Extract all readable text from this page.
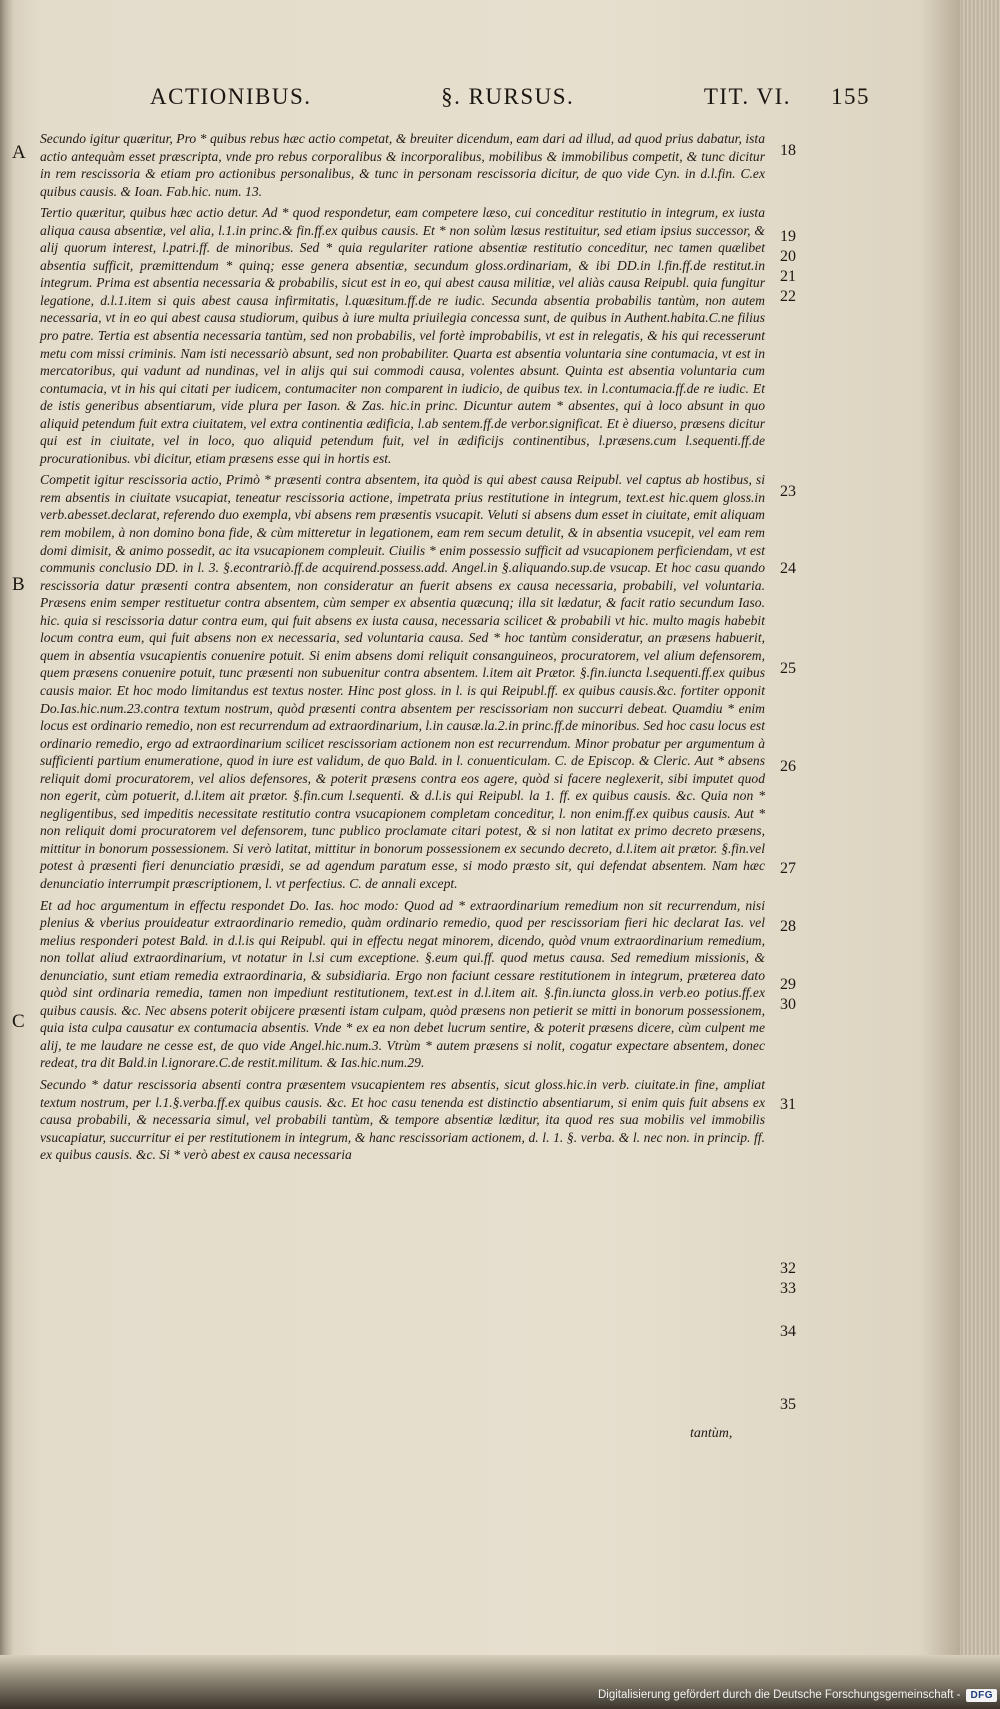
ACTIONIBUS.	§. RURSUS.	TIT. VI. 155
A
B
C
18
19
20
21
22
23
24
25
26
27
28
29
30
31
32
33
34
35

Secundo igitur quæritur, Pro * quibus rebus hæc actio competat, & breuiter dicendum, eam dari ad illud, ad quod prius dabatur, ista actio antequàm esset præscripta, vnde pro rebus corporalibus & incorporalibus, mobilibus & immobilibus competit, & tunc dicitur in rem rescissoria & etiam pro actionibus personalibus, & tunc in personam rescissoria dicitur, de quo vide Cyn. in d.l.fin. C.ex quibus causis. & Ioan. Fab.hic. num. 13.

Tertio quæritur, quibus hæc actio detur. Ad * quod respondetur, eam competere læso, cui conceditur restitutio in integrum, ex iusta aliqua causa absentiæ, vel alia, l.1.in princ.& fin.ff.ex quibus causis. Et * non solùm læsus restituitur, sed etiam ipsius successor, & alij quorum interest, l.patri.ff. de minoribus. Sed * quia regulariter ratione absentiæ restitutio conceditur, nec tamen quælibet absentia sufficit, præmittendum * quinq; esse genera absentiæ, secundum gloss.ordinariam, & ibi DD.in l.fin.ff.de restitut.in integrum. Prima est absentia necessaria & probabilis, sicut est in eo, qui abest causa militiæ, vel aliàs causa Reipubl. quia fungitur legatione, d.l.1.item si quis abest causa infirmitatis, l.quæsitum.ff.de re iudic. Secunda absentia probabilis tantùm, non autem necessaria, vt in eo qui abest causa studiorum, quibus à iure multa priuilegia concessa sunt, de quibus in Authent.habita.C.ne filius pro patre. Tertia est absentia necessaria tantùm, sed non probabilis, vel fortè improbabilis, vt est in relegatis, & his qui recesserunt metu com missi criminis. Nam isti necessariò absunt, sed non probabiliter. Quarta est absentia voluntaria sine contumacia, vt est in mercatoribus, qui vadunt ad nundinas, vel in alijs qui sui commodi causa, volentes absunt. Quinta est absentia voluntaria cum contumacia, vt in his qui citati per iudicem, contumaciter non comparent in iudicio, de quibus tex. in l.contumacia.ff.de re iudic. Et de istis generibus absentiarum, vide plura per Iason. & Zas. hic.in princ. Dicuntur autem * absentes, qui à loco absunt in quo aliquid petendum fuit extra ciuitatem, vel extra continentia ædificia, l.ab sentem.ff.de verbor.significat. Et è diuerso, præsens dicitur qui est in ciuitate, vel in loco, quo aliquid petendum fuit, vel in ædificijs continentibus, l.præsens.cum l.sequenti.ff.de procurationibus. vbi dicitur, etiam præsens esse qui in hortis est.

Competit igitur rescissoria actio, Primò * præsenti contra absentem, ita quòd is qui abest causa Reipubl. vel captus ab hostibus, si rem absentis in ciuitate vsucapiat, teneatur rescissoria actione, impetrata prius restitutione in integrum, text.est hic.quem gloss.in verb.abesset.declarat, referendo duo exempla, vbi absens rem præsentis vsucapit. Veluti si absens dum esset in ciuitate, emit aliquam rem mobilem, à non domino bona fide, & cùm mitteretur in legationem, eam rem secum detulit, & in absentia vsucepit, vel eam rem domi dimisit, & animo possedit, ac ita vsucapionem compleuit. Ciuilis * enim possessio sufficit ad vsucapionem perficiendam, vt est communis conclusio DD. in l. 3. §.econtrariò.ff.de acquirend.possess.add. Angel.in §.aliquando.sup.de vsucap. Et hoc casu quando rescissoria datur præsenti contra absentem, non consideratur an fuerit absens ex causa necessaria, probabili, vel voluntaria. Præsens enim semper restituetur contra absentem, cùm semper ex absentia quæcunq; illa sit lædatur, & facit ratio secundum Iaso. hic. quia si rescissoria datur contra eum, qui fuit absens ex iusta causa, necessaria scilicet & probabili vt hic. multo magis habebit locum contra eum, qui fuit absens non ex necessaria, sed voluntaria causa. Sed * hoc tantùm consideratur, an præsens habuerit, quem in absentia vsucapientis conuenire potuit. Si enim absens domi reliquit consanguineos, procuratorem, vel alium defensorem, quem præsens conuenire potuit, tunc præsenti non subuenitur contra absentem. l.item ait Prætor. §.fin.iuncta l.sequenti.ff.ex quibus causis maior. Et hoc modo limitandus est textus noster. Hinc post gloss. in l. is qui Reipubl.ff. ex quibus causis.&c. fortiter opponit Do.Ias.hic.num.23.contra textum nostrum, quòd præsenti contra absentem per rescissoriam non succurri debeat. Quamdiu * enim locus est ordinario remedio, non est recurrendum ad extraordinarium, l.in causæ.la.2.in princ.ff.de minoribus. Sed hoc casu locus est ordinario remedio, ergo ad extraordinarium scilicet rescissoriam actionem non est recurrendum. Minor probatur per argumentum à sufficienti partium enumeratione, quod in iure est validum, de quo Bald. in l. conuenticulam. C. de Episcop. & Cleric. Aut * absens reliquit domi procuratorem, vel alios defensores, & poterit præsens contra eos agere, quòd si facere neglexerit, sibi imputet quod non egerit, cùm potuerit, d.l.item ait prætor. §.fin.cum l.sequenti. & d.l.is qui Reipubl. la 1. ff. ex quibus causis. &c. Quia non * negligentibus, sed impeditis necessitate restitutio contra vsucapionem completam conceditur, l. non enim.ff.ex quibus causis. Aut * non reliquit domi procuratorem vel defensorem, tunc publico proclamate citari potest, & si non latitat ex primo decreto præsens, mittitur in bonorum possessionem. Si verò latitat, mittitur in bonorum possessionem ex secundo decreto, d.l.item ait prætor. §.fin.vel potest à præsenti fieri denunciatio præsidi, se ad agendum paratum esse, si modo præsto sit, qui defendat absentem. Nam hæc denunciatio interrumpit præscriptionem, l. vt perfectius. C. de annali except.

Et ad hoc argumentum in effectu respondet Do. Ias. hoc modo: Quod ad * extraordinarium remedium non sit recurrendum, nisi plenius & vberius prouideatur extraordinario remedio, quàm ordinario remedio, quod per rescissoriam fieri hic declarat Ias. vel melius responderi potest Bald. in d.l.is qui Reipubl. qui in effectu negat minorem, dicendo, quòd vnum extraordinarium remedium, non tollat aliud extraordinarium, vt notatur in l.si cum exceptione. §.eum qui.ff. quod metus causa. Sed remedium missionis, & denunciatio, sunt etiam remedia extraordinaria, & subsidiaria. Ergo non faciunt cessare restitutionem in integrum, præterea dato quòd sint ordinaria remedia, tamen non impediunt restitutionem, text.est in d.l.item ait. §.fin.iuncta gloss.in verb.eo potius.ff.ex quibus causis. &c. Nec absens poterit obijcere præsenti istam culpam, quòd præsens non petierit se mitti in bonorum possessionem, quia ista culpa causatur ex contumacia absentis. Vnde * ex ea non debet lucrum sentire, & poterit præsens dicere, cùm culpent me alij, te me laudare ne cesse est, de quo vide Angel.hic.num.3. Vtrùm * autem præsens si nolit, cogatur expectare absentem, donec redeat, tra dit Bald.in l.ignorare.C.de restit.militum. & Ias.hic.num.29.

Secundo * datur rescissoria absenti contra præsentem vsucapientem res absentis, sicut gloss.hic.in verb. ciuitate.in fine, ampliat textum nostrum, per l.1.§.verba.ff.ex quibus causis. &c. Et hoc casu tenenda est distinctio absentiarum, si enim quis fuit absens ex causa probabili, & necessaria simul, vel probabili tantùm, & tempore absentiæ læditur, ita quod res sua mobilis vel immobilis vsucapiatur, succurritur ei per restitutionem in integrum, & hanc rescissoriam actionem, d. l. 1. §. verba. & l. nec non. in princip. ff. ex quibus causis. &c. Si * verò abest ex causa necessaria

tantùm,
Digitalisierung gefördert durch die Deutsche Forschungsgemeinschaft -	DFG
